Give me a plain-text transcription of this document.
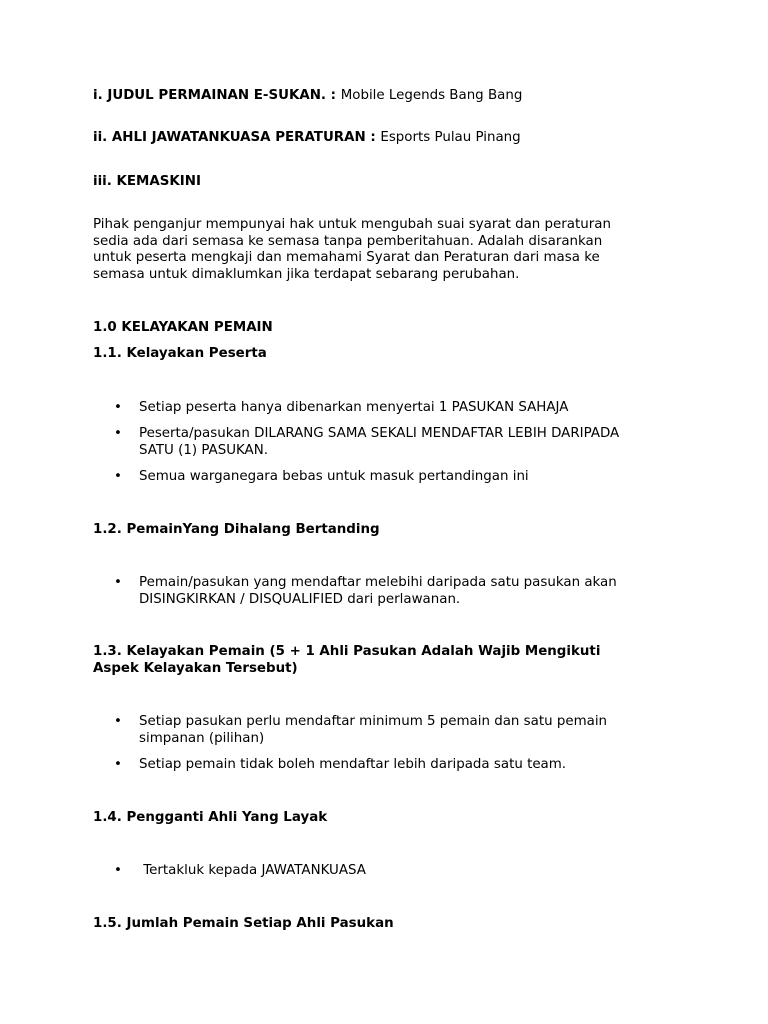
i. JUDUL PERMAINAN E-SUKAN. : Mobile Legends Bang Bang
ii. AHLI JAWATANKUASA PERATURAN : Esports Pulau Pinang
iii. KEMASKINI
Pihak penganjur mempunyai hak untuk mengubah suai syarat dan peraturan
sedia ada dari semasa ke semasa tanpa pemberitahuan. Adalah disarankan
untuk peserta mengkaji dan memahami Syarat dan Peraturan dari masa ke
semasa untuk dimaklumkan jika terdapat sebarang perubahan.
1.0 KELAYAKAN PEMAIN
1.1. Kelayakan Peserta
• Setiap peserta hanya dibenarkan menyertai 1 PASUKAN SAHAJA
• Peserta/pasukan DILARANG SAMA SEKALI MENDAFTAR LEBIH DARIPADA
SATU (1) PASUKAN.
• Semua warganegara bebas untuk masuk pertandingan ini
1.2. PemainYang Dihalang Bertanding
• Pemain/pasukan yang mendaftar melebihi daripada satu pasukan akan
DISINGKIRKAN / DISQUALIFIED dari perlawanan.
1.3. Kelayakan Pemain (5 + 1 Ahli Pasukan Adalah Wajib Mengikuti
Aspek Kelayakan Tersebut)
• Setiap pasukan perlu mendaftar minimum 5 pemain dan satu pemain
simpanan (pilihan)
• Setiap pemain tidak boleh mendaftar lebih daripada satu team.
1.4. Pengganti Ahli Yang Layak
• Tertakluk kepada JAWATANKUASA
1.5. Jumlah Pemain Setiap Ahli Pasukan
